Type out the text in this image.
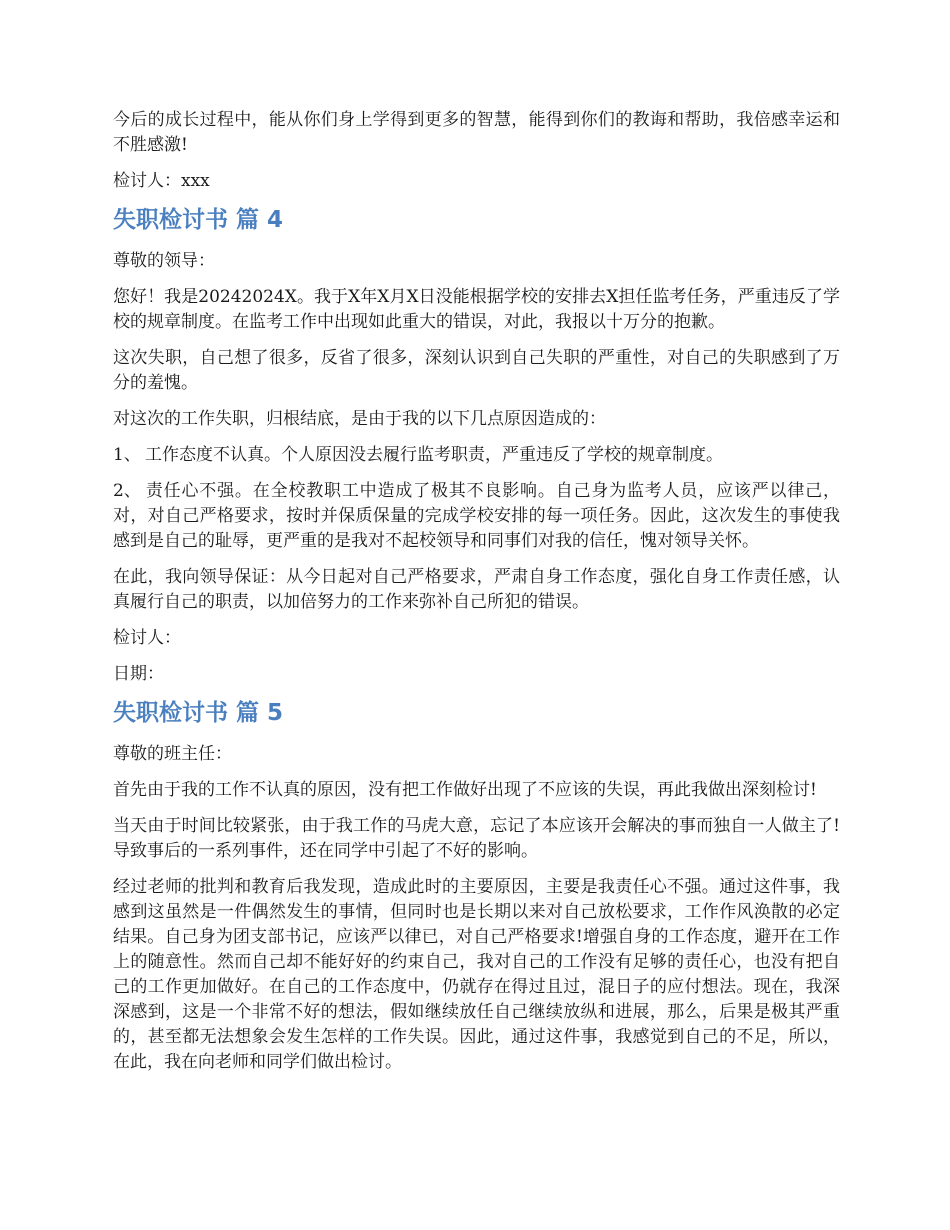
今后的成长过程中，能从你们身上学得到更多的智慧，能得到你们的教诲和帮助，我倍感幸运和不胜感激!

检讨人：xxx

失职检讨书 篇 4

尊敬的领导：

您好！我是20242024X。我于X年X月X日没能根据学校的安排去X担任监考任务，严重违反了学校的规章制度。在监考工作中出现如此重大的错误，对此，我报以十万分的抱歉。

这次失职，自己想了很多，反省了很多，深刻认识到自己失职的严重性，对自己的失职感到了万分的羞愧。

对这次的工作失职，归根结底，是由于我的以下几点原因造成的：

1、 工作态度不认真。个人原因没去履行监考职责，严重违反了学校的规章制度。

2、 责任心不强。在全校教职工中造成了极其不良影响。自己身为监考人员，应该严以律己，对，对自己严格要求，按时并保质保量的完成学校安排的每一项任务。因此，这次发生的事使我感到是自己的耻辱，更严重的是我对不起校领导和同事们对我的信任，愧对领导关怀。

在此，我向领导保证：从今日起对自己严格要求，严肃自身工作态度，强化自身工作责任感，认真履行自己的职责，以加倍努力的工作来弥补自己所犯的错误。

检讨人：

日期：

失职检讨书 篇 5

尊敬的班主任：

首先由于我的工作不认真的原因，没有把工作做好出现了不应该的失误，再此我做出深刻检讨!

当天由于时间比较紧张，由于我工作的马虎大意，忘记了本应该开会解决的事而独自一人做主了!导致事后的一系列事件，还在同学中引起了不好的影响。

经过老师的批判和教育后我发现，造成此时的主要原因，主要是我责任心不强。通过这件事，我感到这虽然是一件偶然发生的事情，但同时也是长期以来对自己放松要求，工作作风涣散的必定结果。自己身为团支部书记，应该严以律已，对自己严格要求!增强自身的工作态度，避开在工作上的随意性。然而自己却不能好好的约束自己，我对自己的工作没有足够的责任心，也没有把自己的工作更加做好。在自己的工作态度中，仍就存在得过且过，混日子的应付想法。现在，我深深感到，这是一个非常不好的想法，假如继续放任自己继续放纵和进展，那么，后果是极其严重的，甚至都无法想象会发生怎样的工作失误。因此，通过这件事，我感觉到自己的不足，所以，在此，我在向老师和同学们做出检讨。
